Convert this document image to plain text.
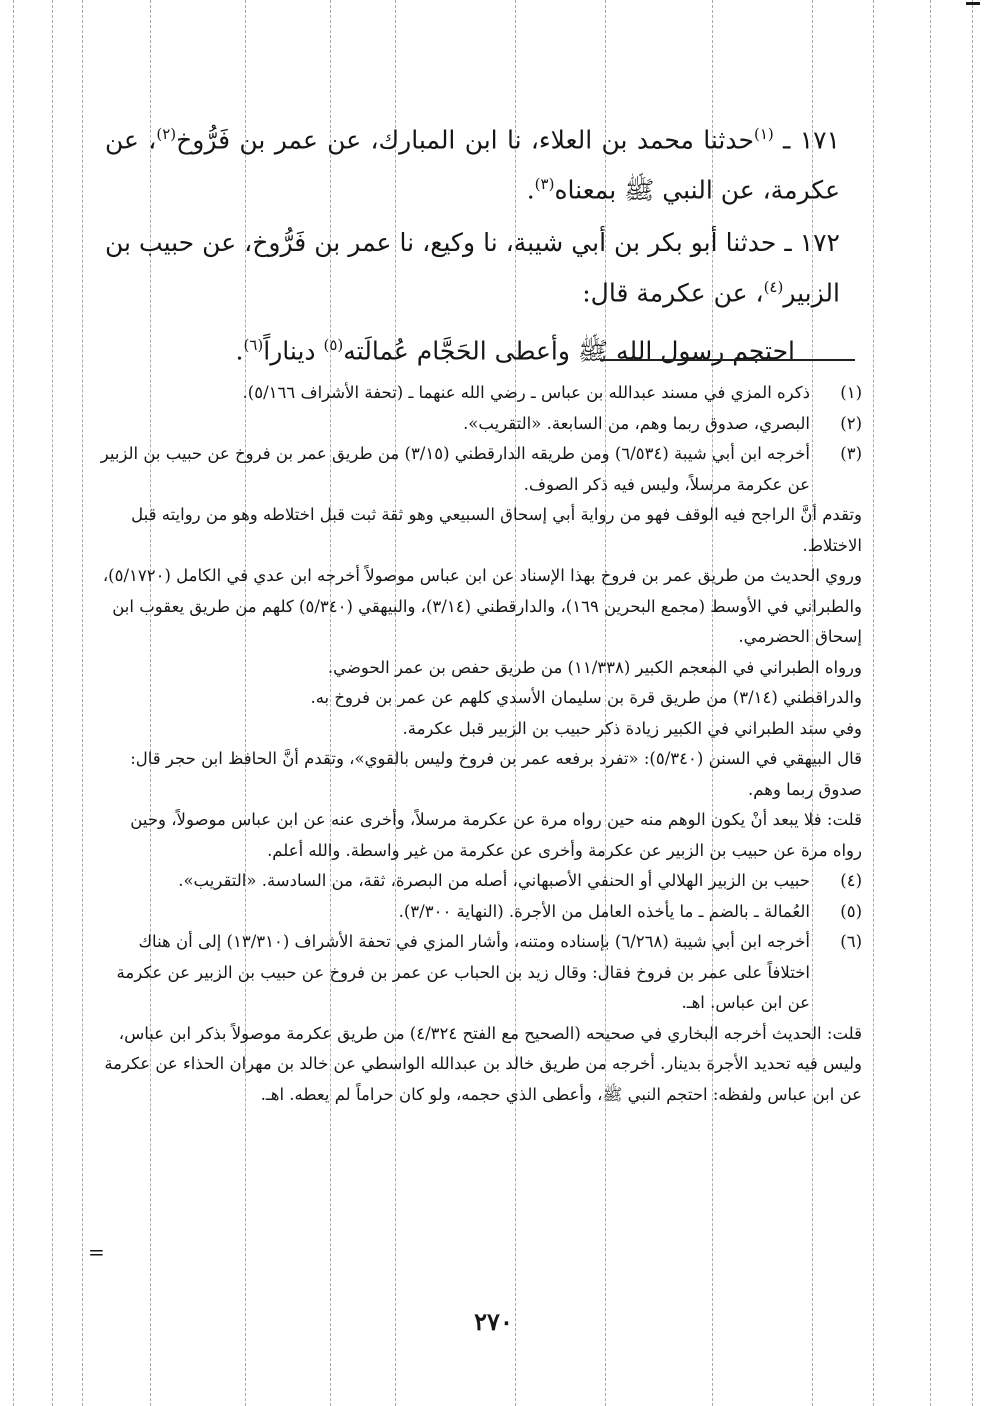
١٧١ ـ $^{(١)}$حدثنا محمد بن العلاء، نا ابن المبارك، عن عمر بن فَرُّوخ$^{(٢)}$، عن عكرمة، عن النبي ﷺ بمعناه$^{(٣)}$.

١٧٢ ـ حدثنا أبو بكر بن أبي شيبة، نا وكيع، نا عمر بن فَرُّوخ، عن حبيب بن الزبير$^{(٤)}$، عن عكرمة قال:

احتجم رسول الله ﷺ وأعطى الحَجَّام عُمالَته$^{(٥)}$ ديناراً$^{(٦)}$.

(١)
ذكره المزي في مسند عبدالله بن عباس ـ رضي الله عنهما ـ (تحفة الأشراف ٥/١٦٦).
(٢)
البصري، صدوق ربما وهم، من السابعة. «التقريب».
(٣)
أخرجه ابن أبي شيبة (٦/٥٣٤) ومن طريقه الدارقطني (٣/١٥) من طريق عمر بن فروخ عن حبيب بن الزبير عن عكرمة مرسلاً، وليس فيه ذكر الصوف.
وتقدم أنَّ الراجح فيه الوقف فهو من رواية أبي إسحاق السبيعي وهو ثقة ثبت قبل اختلاطه وهو من روايته قبل الاختلاط.
وروي الحديث من طريق عمر بن فروخ بهذا الإسناد عن ابن عباس موصولاً أخرجه ابن عدي في الكامل (٥/١٧٢٠)، والطبراني في الأوسط (مجمع البحرين ١٦٩)، والدارقطني (٣/١٤)، والبيهقي (٥/٣٤٠) كلهم من طريق يعقوب ابن إسحاق الحضرمي.
ورواه الطبراني في المعجم الكبير (١١/٣٣٨) من طريق حفص بن عمر الحوضي.
والدراقطني (٣/١٤) من طريق قرة بن سليمان الأسدي كلهم عن عمر بن فروخ به.
وفي سند الطبراني في الكبير زيادة ذكر حبيب بن الزبير قبل عكرمة.
قال البيهقي في السنن (٥/٣٤٠): «تفرد برفعه عمر بن فروخ وليس بالقوي»، وتقدم أنَّ الحافظ ابن حجر قال: صدوق ربما وهم.
قلت: فلا يبعد أنْ يكون الوهم منه حين رواه مرة عن عكرمة مرسلاً، وأخرى عنه عن ابن عباس موصولاً، وحين رواه مرة عن حبيب بن الزبير عن عكرمة وأخرى عن عكرمة من غير واسطة. والله أعلم.
(٤)
حبيب بن الزبير الهلالي أو الحنفي الأصبهاني، أصله من البصرة، ثقة، من السادسة. «التقريب».
(٥)
العُمالة ـ بالضم ـ ما يأخذه العامل من الأجرة. (النهاية ٣/٣٠٠).
(٦)
أخرجه ابن أبي شيبة (٦/٢٦٨) بإسناده ومتنه، وأشار المزي في تحفة الأشراف (١٣/٣١٠) إلى أن هناك اختلافاً على عمر بن فروخ فقال: وقال زيد بن الحباب عن عمر بن فروخ عن حبيب بن الزبير عن عكرمة عن ابن عباس. اهـ.
قلت: الحديث أخرجه البخاري في صحيحه (الصحيح مع الفتح ٤/٣٢٤) من طريق عكرمة موصولاً بذكر ابن عباس، وليس فيه تحديد الأجرة بدينار. أخرجه من طريق خالد بن عبدالله الواسطي عن خالد بن مهران الحذاء عن عكرمة عن ابن عباس ولفظه: احتجم النبي ﷺ، وأعطى الذي حجمه، ولو كان حراماً لم يعطه. اهـ.
=
٢٧٠
